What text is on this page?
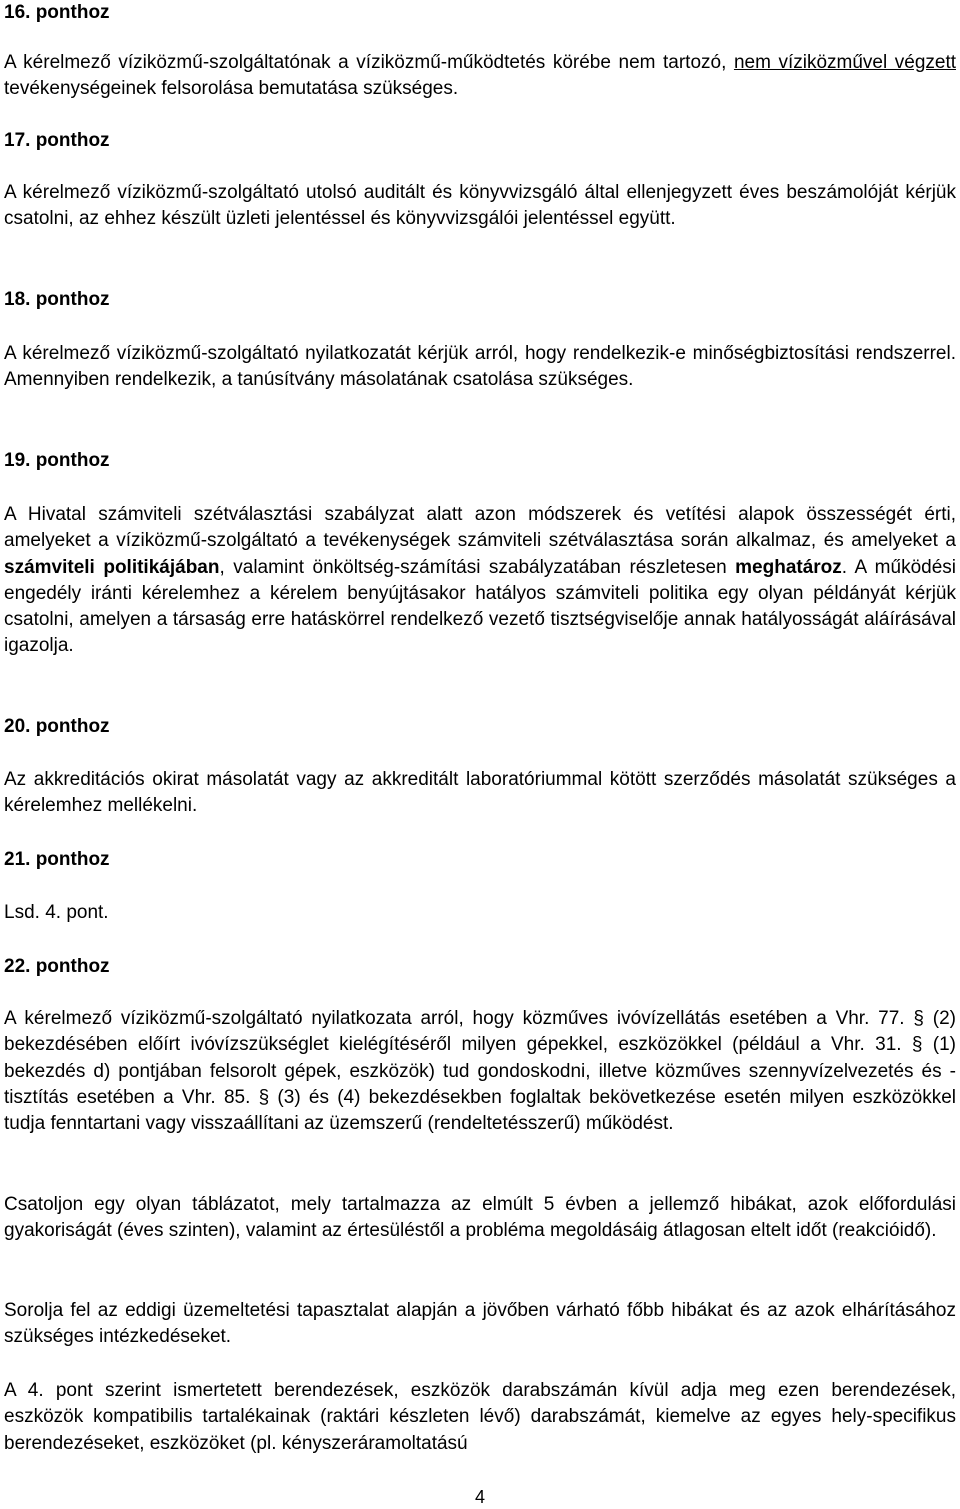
16. ponthoz
A kérelmező víziközmű-szolgáltatónak a víziközmű-működtetés körébe nem tartozó, nem víziközművel végzett tevékenységeinek felsorolása bemutatása szükséges.
17. ponthoz
A kérelmező víziközmű-szolgáltató utolsó auditált és könyvvizsgáló által ellenjegyzett éves beszámolóját kérjük csatolni, az ehhez készült üzleti jelentéssel és könyvvizsgálói jelentéssel együtt.
18. ponthoz
A kérelmező víziközmű-szolgáltató nyilatkozatát kérjük arról, hogy rendelkezik-e minőségbiztosítási rendszerrel. Amennyiben rendelkezik, a tanúsítvány másolatának csatolása szükséges.
19. ponthoz
A Hivatal számviteli szétválasztási szabályzat alatt azon módszerek és vetítési alapok összességét érti, amelyeket a víziközmű-szolgáltató a tevékenységek számviteli szétválasztása során alkalmaz, és amelyeket a számviteli politikájában, valamint önköltség-számítási szabályzatában részletesen meghatároz. A működési engedély iránti kérelemhez a kérelem benyújtásakor hatályos számviteli politika egy olyan példányát kérjük csatolni, amelyen a társaság erre hatáskörrel rendelkező vezető tisztségviselője annak hatályosságát aláírásával igazolja.
20. ponthoz
Az akkreditációs okirat másolatát vagy az akkreditált laboratóriummal kötött szerződés másolatát szükséges a kérelemhez mellékelni.
21. ponthoz
Lsd. 4. pont.
22. ponthoz
A kérelmező víziközmű-szolgáltató nyilatkozata arról, hogy közműves ivóvízellátás esetében a Vhr. 77. § (2) bekezdésében előírt ivóvízszükséglet kielégítéséről milyen gépekkel, eszközökkel (például a Vhr. 31. § (1) bekezdés d) pontjában felsorolt gépek, eszközök) tud gondoskodni, illetve közműves szennyvízelvezetés és -tisztítás esetében a Vhr. 85. § (3) és (4) bekezdésekben foglaltak bekövetkezése esetén milyen eszközökkel tudja fenntartani vagy visszaállítani az üzemszerű (rendeltetésszerű) működést.
Csatoljon egy olyan táblázatot, mely tartalmazza az elmúlt 5 évben a jellemző hibákat, azok előfordulási gyakoriságát (éves szinten), valamint az értesüléstől a probléma megoldásáig átlagosan eltelt időt (reakcióidő).
Sorolja fel az eddigi üzemeltetési tapasztalat alapján a jövőben várható főbb hibákat és az azok elhárításához szükséges intézkedéseket.
A 4. pont szerint ismertetett berendezések, eszközök darabszámán kívül adja meg ezen berendezések, eszközök kompatibilis tartalékainak (raktári készleten lévő) darabszámát, kiemelve az egyes hely-specifikus berendezéseket, eszközöket (pl. kényszeráramoltatású
4
